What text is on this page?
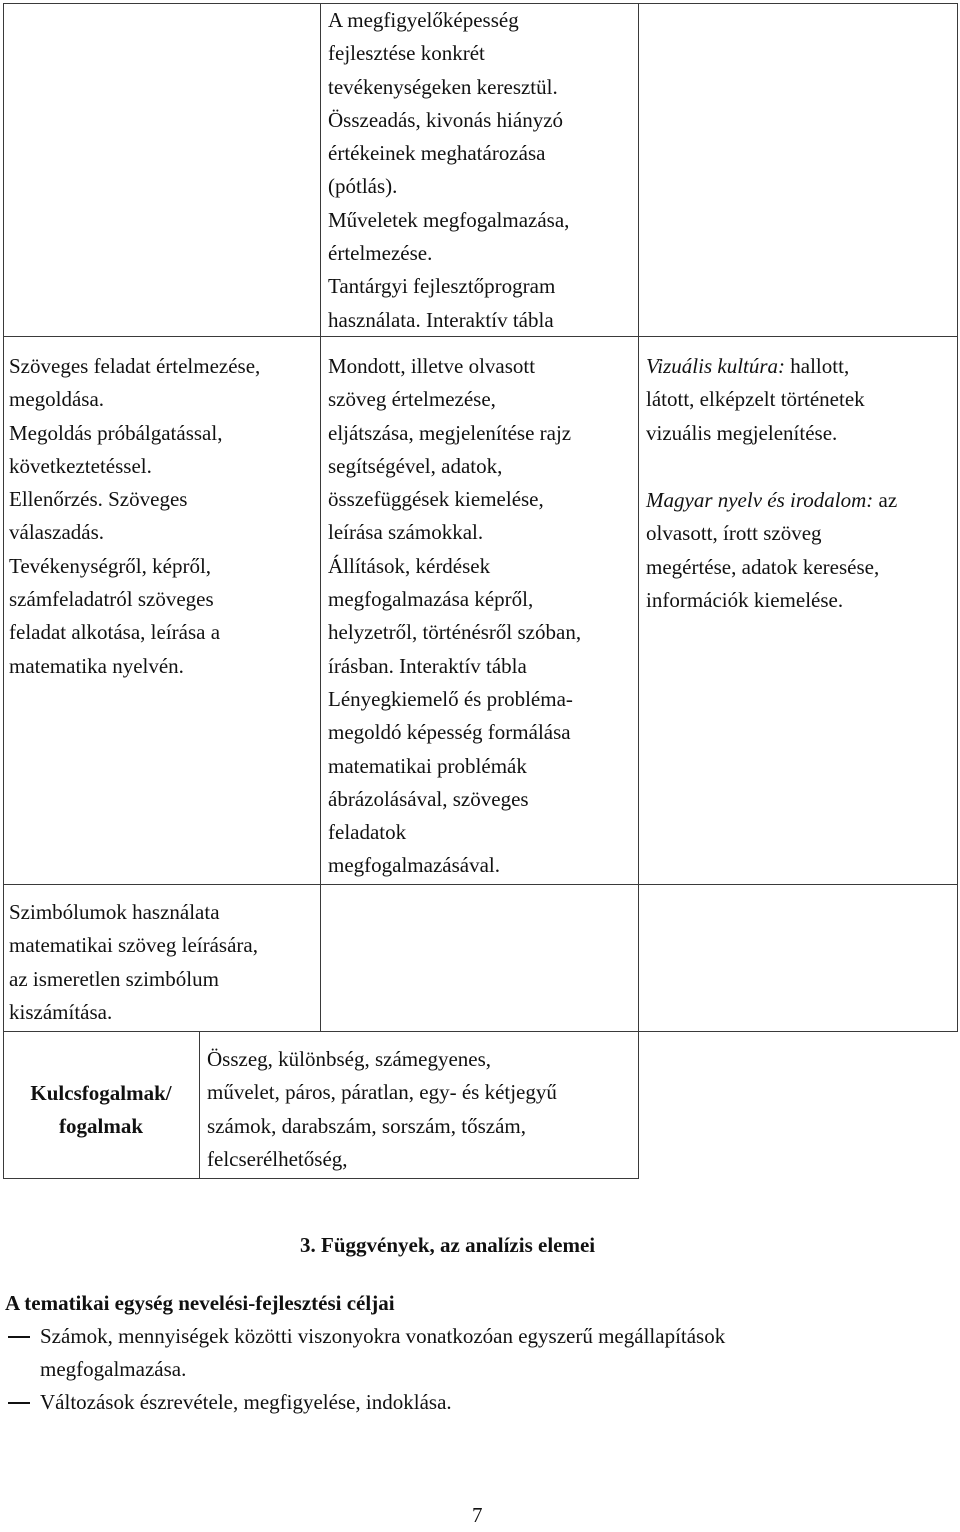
A megfigyelőképesség
fejlesztése konkrét
tevékenységeken keresztül.
Összeadás, kivonás hiányzó
értékeinek meghatározása
(pótlás).
Műveletek megfogalmazása,
értelmezése.
Tantárgyi fejlesztőprogram
használata. Interaktív tábla
Szöveges feladat értelmezése,
megoldása.
Megoldás próbálgatással,
következtetéssel.
Ellenőrzés. Szöveges
válaszadás.
Tevékenységről, képről,
számfeladatról szöveges
feladat alkotása, leírása a
matematika nyelvén.
Mondott, illetve olvasott
szöveg értelmezése,
eljátszása, megjelenítése rajz
segítségével, adatok,
összefüggések kiemelése,
leírása számokkal.
Állítások, kérdések
megfogalmazása képről,
helyzetről, történésről szóban,
írásban. Interaktív tábla
Lényegkiemelő és probléma-
megoldó képesség formálása
matematikai problémák
ábrázolásával, szöveges
feladatok
megfogalmazásával.
Vizuális kultúra: hallott,
látott, elképzelt történetek
vizuális megjelenítése.
Magyar nyelv és irodalom: az
olvasott, írott szöveg
megértése, adatok keresése,
információk kiemelése.
Szimbólumok használata
matematikai szöveg leírására,
az ismeretlen szimbólum
kiszámítása.
Kulcsfogalmak/
fogalmak
Összeg, különbség, számegyenes,
művelet, páros, páratlan, egy- és kétjegyű
számok, darabszám, sorszám, tőszám,
felcserélhetőség,
3. Függvények, az analízis elemei
A tematikai egység nevelési-fejlesztési céljai
Számok, mennyiségek közötti viszonyokra vonatkozóan egyszerű megállapítások
megfogalmazása.
Változások észrevétele, megfigyelése, indoklása.
7
